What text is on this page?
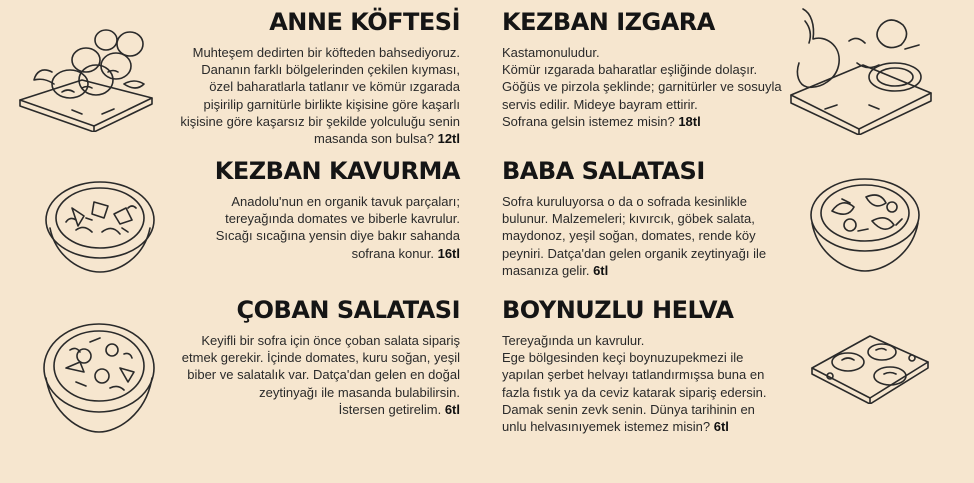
ANNE KÖFTESİ

Muhteşem dedirten bir köfteden bahsediyoruz.
Dananın farklı bölgelerinden çekilen kıyması,
özel baharatlarla tatlanır ve kömür ızgarada
pişirilip garnitürle birlikte kişisine göre kaşarlı
kişisine göre kaşarsız bir şekilde yolculuğu senin
masanda son bulsa? 12tl

KEZBAN KAVURMA

Anadolu'nun en organik tavuk parçaları;
tereyağında domates ve biberle kavrulur.
Sıcağı sıcağına yensin diye bakır sahanda
sofrana konur. 16tl

ÇOBAN SALATASI

Keyifli bir sofra için önce çoban salata sipariş
etmek gerekir. İçinde domates, kuru soğan, yeşil
biber ve salatalık var. Datça'dan gelen en doğal
zeytinyağı ile masanda bulabilirsin.
İstersen getirelim. 6tl

KEZBAN IZGARA

Kastamonuludur.
Kömür ızgarada baharatlar eşliğinde dolaşır.
Göğüs ve pirzola şeklinde; garnitürler ve sosuyla
servis edilir. Mideye bayram ettirir.
Sofrana gelsin istemez misin? 18tl

BABA SALATASI

Sofra kuruluyorsa o da o sofrada kesinlikle
bulunur. Malzemeleri; kıvırcık, göbek salata,
maydonoz, yeşil soğan, domates, rende köy
peyniri. Datça'dan gelen organik zeytinyağı ile
masanıza gelir. 6tl

BOYNUZLU HELVA

Tereyağında un kavrulur.
Ege bölgesinden keçi boynuzupekmezi ile
yapılan şerbet helvayı tatlandırmışsa buna en
fazla fıstık ya da ceviz katarak sipariş edersin.
Damak senin zevk senin. Dünya tarihinin en
unlu helvasınıyemek istemez misin? 6tl
